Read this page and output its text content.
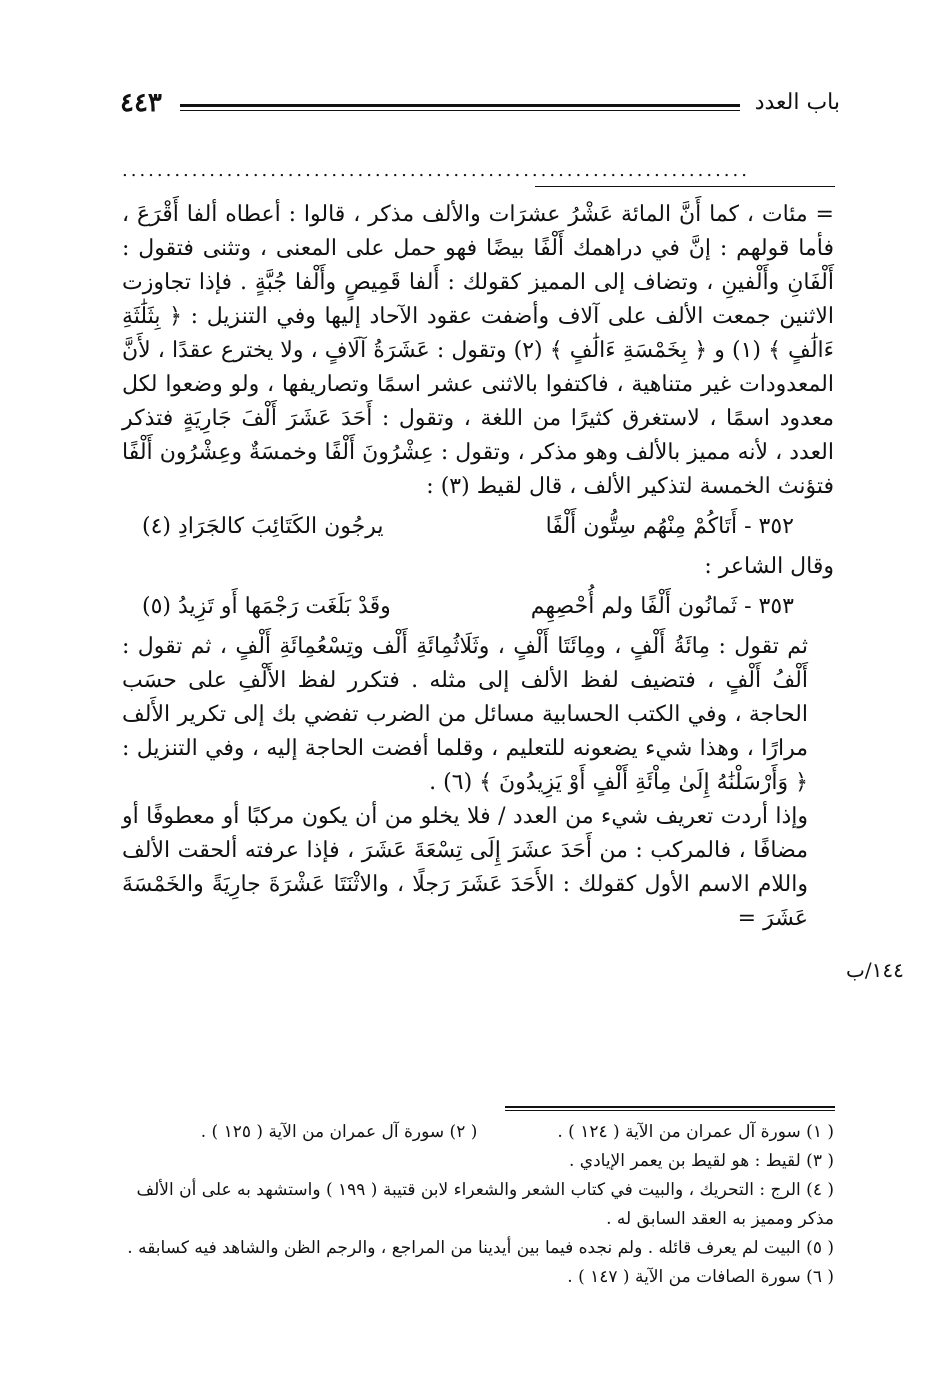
باب العدد
٤٤٣
........................................................................

= مئات ، كما أَنَّ المائة عَشْرُ عشرَات والألف مذكر ، قالوا : أعطاه ألفا أَقْرَعَ ، فأما قولهم : إنَّ في دراهمك أَلْفًا بيضًا فهو حمل على المعنى ، وتثنى فتقول : أَلْفَانِ وأَلْفينِ ، وتضاف إلى المميز كقولك : أَلفا قَمِيصٍ وأَلْفا جُبَّةٍ . فإذا تجاوزت الاثنين جمعت الألف على آلاف وأضفت عقود الآحاد إليها وفي التنزيل : ﴿ بِثَلَٰثَةِ ءَالَٰفٍ ﴾ (١) و ﴿ بِخَمْسَةِ ءَالَٰفٍ ﴾ (٢) وتقول : عَشَرَةُ آلَافٍ ، ولا يخترع عقدًا ، لأَنَّ المعدودات غير متناهية ، فاكتفوا بالاثنى عشر اسمًا وتصاريفها ، ولو وضعوا لكل معدود اسمًا ، لاستغرق كثيرًا من اللغة ، وتقول : أَحَدَ عَشَرَ أَلْفَ جَارِيَةٍ فتذكر العدد ، لأنه مميز بالألف وهو مذكر ، وتقول : عِشْرُونَ أَلْفًا وخمسَةٌ وعِشْرُون أَلْفًا فتؤنث الخمسة لتذكير الألف ، قال لقيط (٣) :

٣٥٢ - أَتَاكُمْ مِنْهُم سِتُّون أَلْفًا
يرجُون الكَتَائِبَ كالجَرَادِ (٤)

وقال الشاعر :

٣٥٣ - ثَمانُون أَلْفًا ولم أُحْصِهِم
وقَدْ بَلَغَت رَجْمَها أَو تَزِيدُ (٥)

ثم تقول : مِائَةُ أَلْفٍ ، ومِائَتَا أَلْفٍ ، وثَلَاثُمِائَةِ أَلْف وتِسْعُمِائَةِ أَلْفٍ ، ثم تقول : أَلْفُ أَلْفٍ ، فتضيف لفظ الألف إلى مثله . فتكرر لفظ الأَلْفِ على حسَب الحاجة ، وفي الكتب الحسابية مسائل من الضرب تفضي بك إلى تكرير الأَلف مرارًا ، وهذا شيء يضعونه للتعليم ، وقلما أفضت الحاجة إليه ، وفي التنزيل : ﴿ وَأَرْسَلْنَٰهُ إِلَىٰ مِاْئَةِ أَلْفٍ أَوْ يَزِيدُونَ ﴾ (٦) .

وإذا أردت تعريف شيء من العدد / فلا يخلو من أن يكون مركبًا أو معطوفًا أو مضافًا ، فالمركب : من أَحَدَ عشَرَ إِلَى تِسْعَةَ عَشَرَ ، فإذا عرفته ألحقت الألف واللام الاسم الأول كقولك : الأَحَدَ عَشَرَ رَجلًا ، والاثْنَتَا عَشْرَةَ جارِيَةً والخَمْسَةَ عَشَرَ =

١٤٤/ب
( ١) سورة آل عمران من الآية ( ١٢٤ ) .
( ٢) سورة آل عمران من الآية ( ١٢٥ ) .

( ٣) لقيط : هو لقيط بن يعمر الإيادي .

( ٤) الرج : التحريك ، والبيت في كتاب الشعر والشعراء لابن قتيبة ( ١٩٩ ) واستشهد به على أن الألف مذكر ومميز به العقد السابق له .

( ٥) البيت لم يعرف قائله . ولم نجده فيما بين أيدينا من المراجع ، والرجم الظن والشاهد فيه كسابقه .

( ٦) سورة الصافات من الآية ( ١٤٧ ) .
